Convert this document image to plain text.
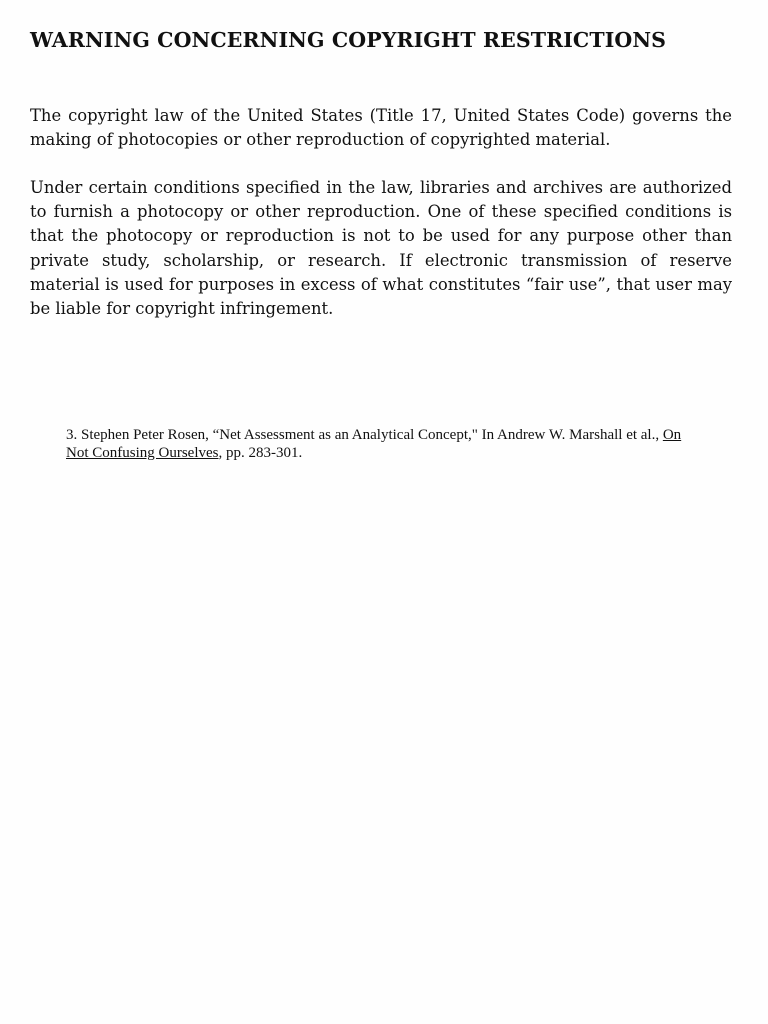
WARNING CONCERNING COPYRIGHT RESTRICTIONS

The copyright law of the United States (Title 17, United States Code) governs the making of photocopies or other reproduction of copyrighted material.

Under certain conditions specified in the law, libraries and archives are authorized to furnish a photocopy or other reproduction. One of these specified conditions is that the photocopy or reproduction is not to be used for any purpose other than private study, scholarship, or research. If electronic transmission of reserve material is used for purposes in excess of what constitutes “fair use”, that user may be liable for copyright infringement.

3. Stephen Peter Rosen, “Net Assessment as an Analytical Concept," In Andrew W. Marshall et al., On Not Confusing Ourselves, pp. 283-301.
